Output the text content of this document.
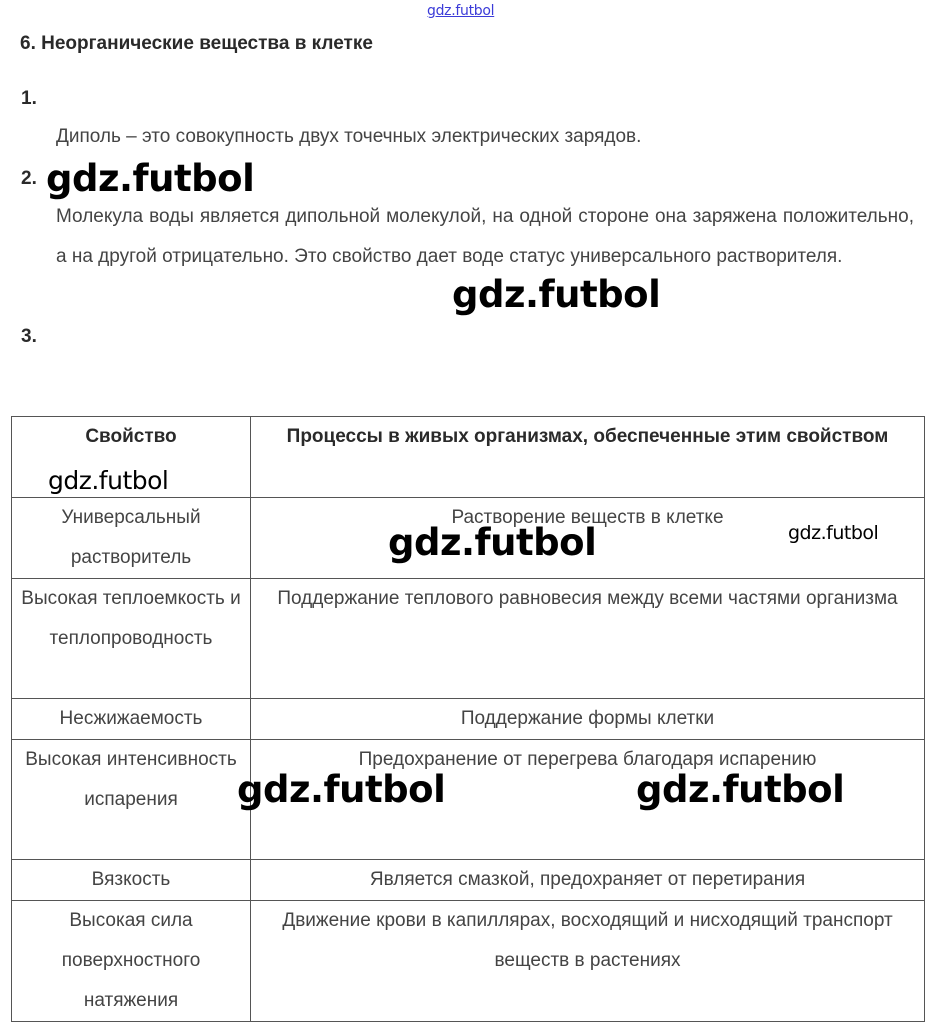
gdz.futbol
6. Неорганические вещества в клетке
1.
Диполь – это совокупность двух точечных электрических зарядов.
2.
Молекула воды является дипольной молекулой, на одной стороне она заряжена положительно, а на другой отрицательно. Это свойство дает воде статус универсального растворителя.
3.
Свойство	Процессы в живых организмах, обеспеченные этим свойством
Универсальный растворитель	Растворение веществ в клетке
Высокая теплоемкость и теплопроводность	Поддержание теплового равновесия между всеми частями организма
Несжижаемость	Поддержание формы клетки
Высокая интенсивность испарения	Предохранение от перегрева благодаря испарению
Вязкость	Является смазкой, предохраняет от перетирания
Высокая сила поверхностного натяжения	Движение крови в капиллярах, восходящий и нисходящий транспорт веществ в растениях
gdz.futbol
gdz.futbol
gdz.futbol
gdz.futbol	gdz.futbol
gdz.futbol	gdz.futbol
